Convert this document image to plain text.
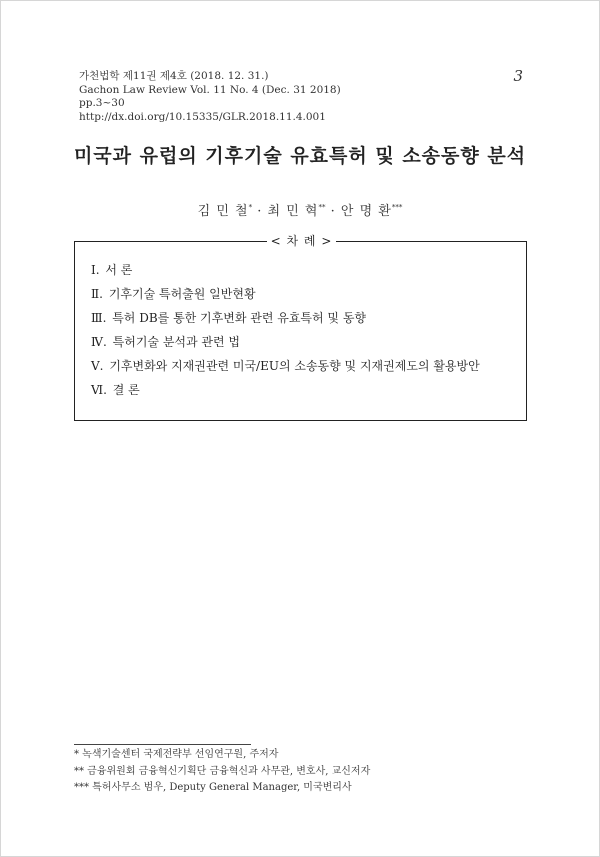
가천법학 제11권 제4호 (2018. 12. 31.)
Gachon Law Review Vol. 11 No. 4 (Dec. 31 2018)
pp.3~30
http://dx.doi.org/10.15335/GLR.2018.11.4.001
3
미국과 유럽의 기후기술 유효특허 및 소송동향 분석
김 민 철* · 최 민 혁** · 안 명 환***
< 차 례 >
Ⅰ. 서 론
Ⅱ. 기후기술 특허출원 일반현황
Ⅲ. 특허 DB를 통한 기후변화 관련 유효특허 및 동향
Ⅳ. 특허기술 분석과 관련 법
Ⅴ. 기후변화와 지재권관련 미국/EU의 소송동향 및 지재권제도의 활용방안
Ⅵ. 결 론
* 녹색기술센터 국제전략부 선임연구원, 주저자
** 금융위원회 금융혁신기획단 금융혁신과 사무관, 변호사, 교신저자
*** 특허사무소 범우, Deputy General Manager, 미국변리사
